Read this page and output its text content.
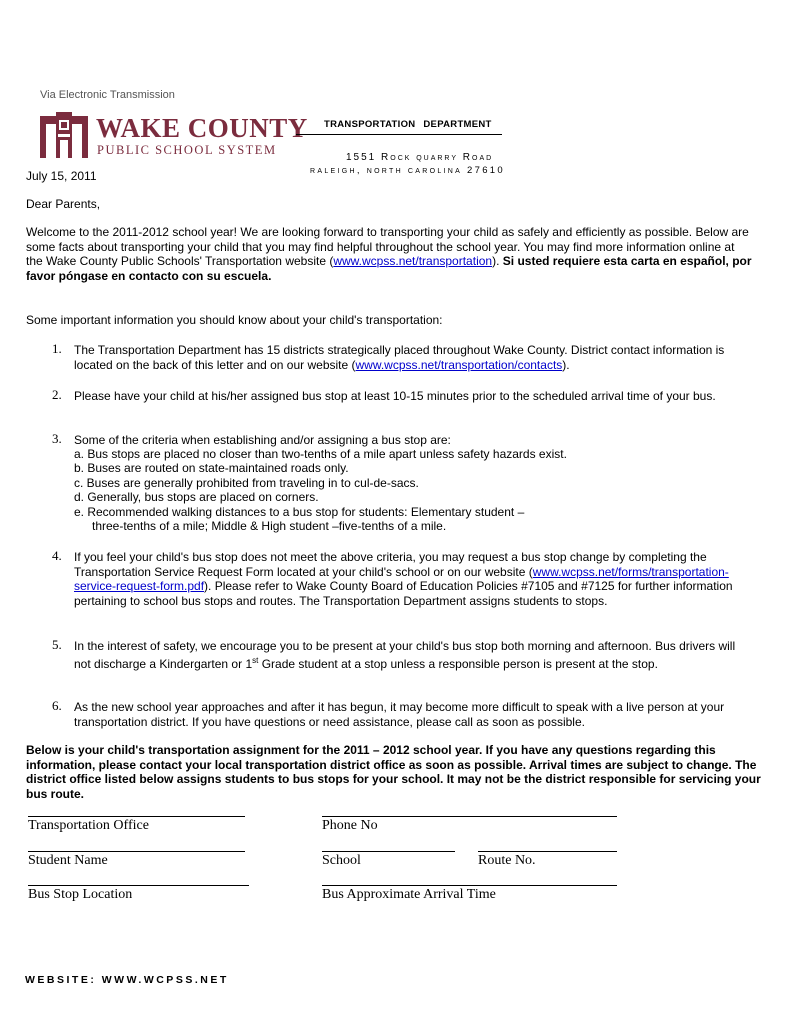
Via Electronic Transmission
WAKE COUNTY
PUBLIC SCHOOL SYSTEM
TRANSPORTATION DEPARTMENT
1551 Rock quarry Road
raleigh, north carolina 27610
July 15, 2011
Dear Parents,
Welcome to the 2011-2012 school year! We are looking forward to transporting your child as safely and efficiently as possible. Below are some facts about transporting your child that you may find helpful throughout the school year. You may find more information online at the Wake County Public Schools' Transportation website (www.wcpss.net/transportation). Si usted requiere esta carta en español, por favor póngase en contacto con su escuela.
Some important information you should know about your child's transportation:
1. The Transportation Department has 15 districts strategically placed throughout Wake County. District contact information is located on the back of this letter and on our website (www.wcpss.net/transportation/contacts).
2. Please have your child at his/her assigned bus stop at least 10-15 minutes prior to the scheduled arrival time of your bus.
3. Some of the criteria when establishing and/or assigning a bus stop are:
a. Bus stops are placed no closer than two-tenths of a mile apart unless safety hazards exist.
b. Buses are routed on state-maintained roads only.
c. Buses are generally prohibited from traveling in to cul-de-sacs.
d. Generally, bus stops are placed on corners.
e. Recommended walking distances to a bus stop for students: Elementary student –
three-tenths of a mile; Middle & High student –five-tenths of a mile.
4. If you feel your child's bus stop does not meet the above criteria, you may request a bus stop change by completing the Transportation Service Request Form located at your child's school or on our website (www.wcpss.net/forms/transportation-service-request-form.pdf). Please refer to Wake County Board of Education Policies #7105 and #7125 for further information pertaining to school bus stops and routes. The Transportation Department assigns students to stops.
5. In the interest of safety, we encourage you to be present at your child's bus stop both morning and afternoon. Bus drivers will not discharge a Kindergarten or 1st Grade student at a stop unless a responsible person is present at the stop.
6. As the new school year approaches and after it has begun, it may become more difficult to speak with a live person at your transportation district. If you have questions or need assistance, please call as soon as possible.
Below is your child's transportation assignment for the 2011 – 2012 school year. If you have any questions regarding this information, please contact your local transportation district office as soon as possible. Arrival times are subject to change. The district office listed below assigns students to bus stops for your school. It may not be the district responsible for servicing your bus route.
Transportation Office	Phone No
Student Name	School	Route No.
Bus Stop Location	Bus Approximate Arrival Time
WEBSITE: WWW.WCPSS.NET
